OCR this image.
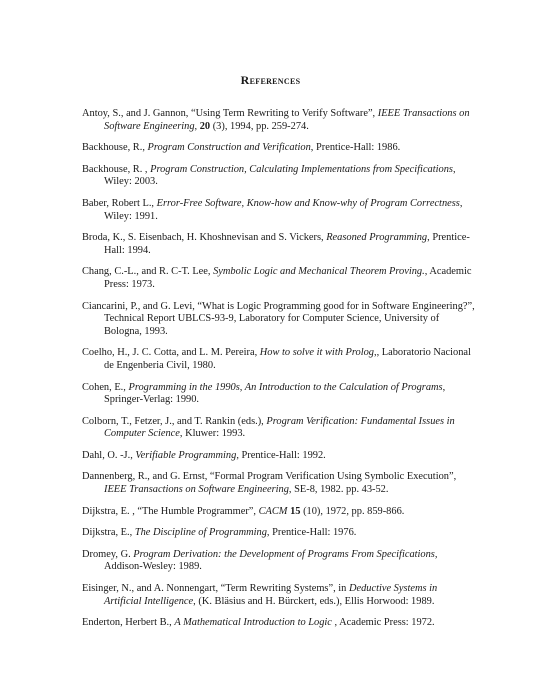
References

Antoy, S., and J. Gannon, “Using Term Rewriting to Verify Software”, IEEE Transactions on Software Engineering, 20 (3), 1994, pp. 259-274.

Backhouse, R., Program Construction and Verification, Prentice-Hall: 1986.

Backhouse, R. , Program Construction, Calculating Implementations from Specifications, Wiley: 2003.

Baber, Robert L., Error-Free Software, Know-how and Know-why of Program Correctness, Wiley: 1991.

Broda, K., S. Eisenbach, H. Khoshnevisan and S. Vickers, Reasoned Programming, Prentice-Hall: 1994.

Chang, C.-L., and R. C-T. Lee, Symbolic Logic and Mechanical Theorem Proving., Academic Press: 1973.

Ciancarini, P., and G. Levi, “What is Logic Programming good for in Software Engineering?”, Technical Report UBLCS-93-9, Laboratory for Computer Science, University of Bologna, 1993.

Coelho, H., J. C. Cotta, and L. M. Pereira, How to solve it with Prolog,, Laboratorio Nacional de Engenberia Civil, 1980.

Cohen, E., Programming in the 1990s, An Introduction to the Calculation of Programs, Springer-Verlag: 1990.

Colborn, T., Fetzer, J., and T. Rankin (eds.), Program Verification: Fundamental Issues in Computer Science, Kluwer: 1993.

Dahl, O. -J., Verifiable Programming, Prentice-Hall: 1992.

Dannenberg, R., and G. Ernst, “Formal Program Verification Using Symbolic Execution”, IEEE Transactions on Software Engineering, SE-8, 1982. pp. 43-52.

Dijkstra, E. , “The Humble Programmer”, CACM 15 (10), 1972, pp. 859-866.

Dijkstra, E., The Discipline of Programming, Prentice-Hall: 1976.

Dromey, G. Program Derivation: the Development of Programs From Specifications, Addison-Wesley: 1989.

Eisinger, N., and A. Nonnengart, “Term Rewriting Systems”, in Deductive Systems in Artificial Intelligence, (K. Bläsius and H. Bürckert, eds.), Ellis Horwood: 1989.

Enderton, Herbert B., A Mathematical Introduction to Logic , Academic Press: 1972.
